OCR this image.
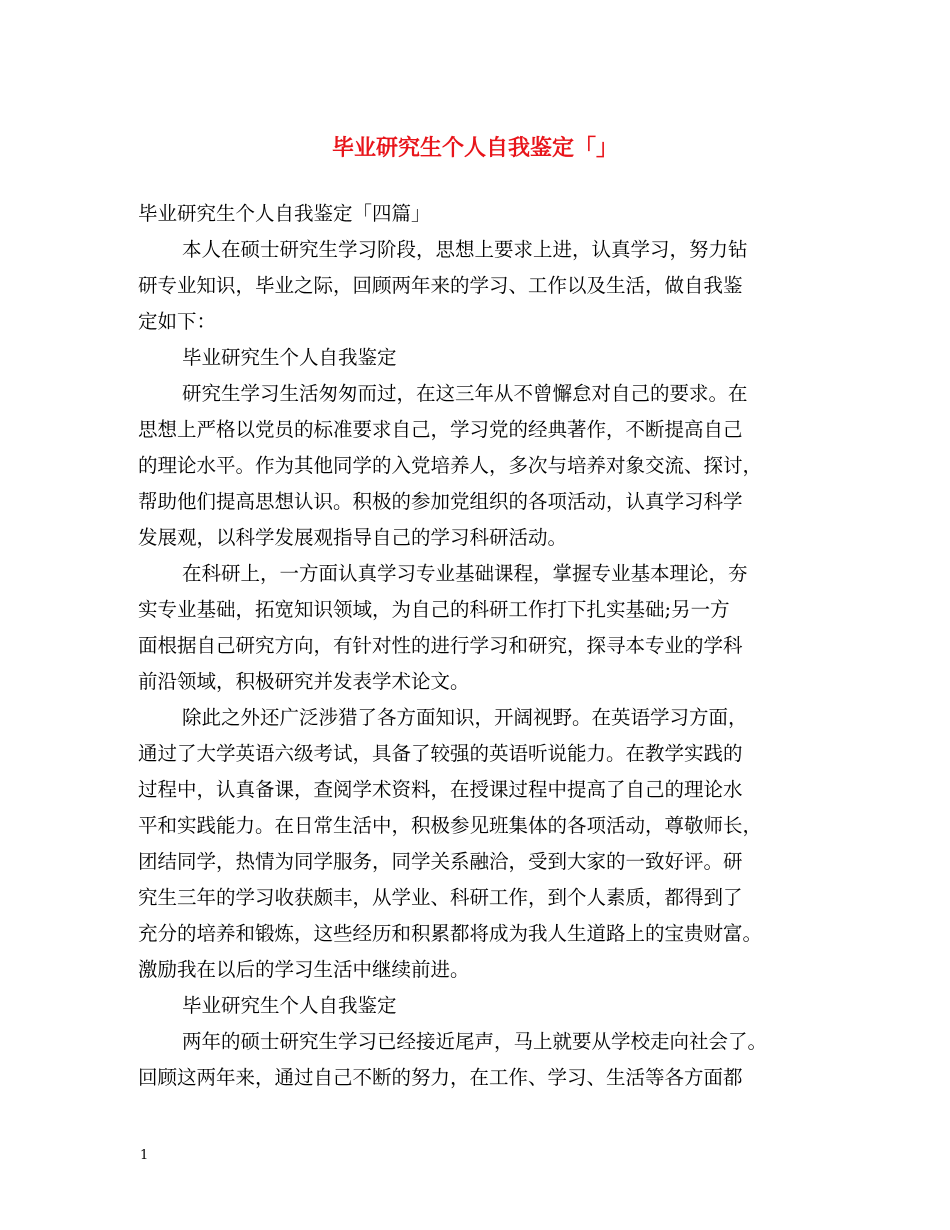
毕业研究生个人自我鉴定「」
毕业研究生个人自我鉴定「四篇」
本人在硕士研究生学习阶段，思想上要求上进，认真学习，努力钻
研专业知识，毕业之际，回顾两年来的学习、工作以及生活，做自我鉴
定如下：
毕业研究生个人自我鉴定
研究生学习生活匆匆而过，在这三年从不曾懈怠对自己的要求。在
思想上严格以党员的标准要求自己，学习党的经典著作，不断提高自己
的理论水平。作为其他同学的入党培养人，多次与培养对象交流、探讨，
帮助他们提高思想认识。积极的参加党组织的各项活动，认真学习科学
发展观，以科学发展观指导自己的学习科研活动。
在科研上，一方面认真学习专业基础课程，掌握专业基本理论，夯
实专业基础，拓宽知识领域，为自己的科研工作打下扎实基础;另一方
面根据自己研究方向，有针对性的进行学习和研究，探寻本专业的学科
前沿领域，积极研究并发表学术论文。
除此之外还广泛涉猎了各方面知识，开阔视野。在英语学习方面，
通过了大学英语六级考试，具备了较强的英语听说能力。在教学实践的
过程中，认真备课，查阅学术资料，在授课过程中提高了自己的理论水
平和实践能力。在日常生活中，积极参见班集体的各项活动，尊敬师长，
团结同学，热情为同学服务，同学关系融洽，受到大家的一致好评。研
究生三年的学习收获颇丰，从学业、科研工作，到个人素质，都得到了
充分的培养和锻炼，这些经历和积累都将成为我人生道路上的宝贵财富。
激励我在以后的学习生活中继续前进。
毕业研究生个人自我鉴定
两年的硕士研究生学习已经接近尾声，马上就要从学校走向社会了。
回顾这两年来，通过自己不断的努力，在工作、学习、生活等各方面都
1
